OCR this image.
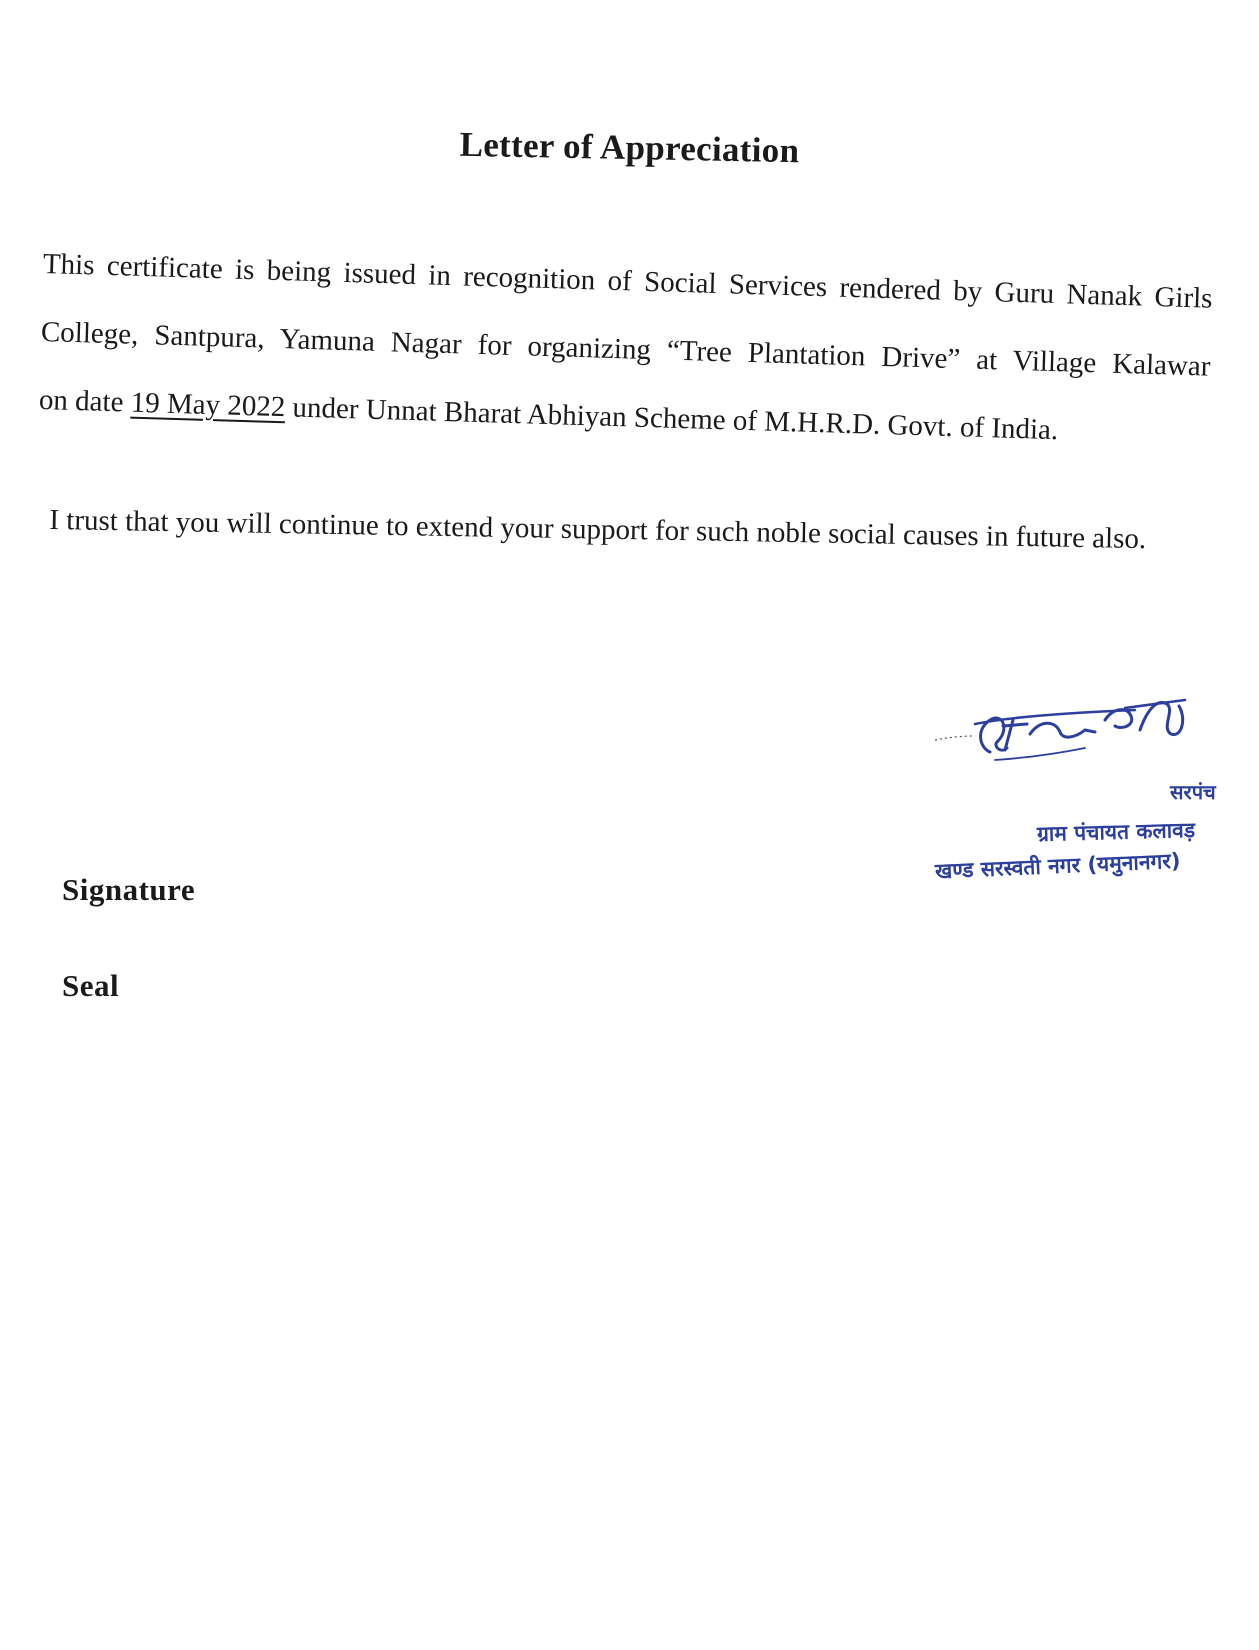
Letter of Appreciation

This certificate is being issued in recognition of Social Services rendered by Guru Nanak Girls
College, Santpura, Yamuna Nagar for organizing “Tree Plantation Drive” at Village Kalawar
on date 19 May 2022 under Unnat Bharat Abhiyan Scheme of M.H.R.D. Govt. of India.

I trust that you will continue to extend your support for such noble social causes in future also.

Signature

Seal

सरपंच

ग्राम पंचायत कलावड़

खण्ड सरस्वती नगर (यमुनानगर)
